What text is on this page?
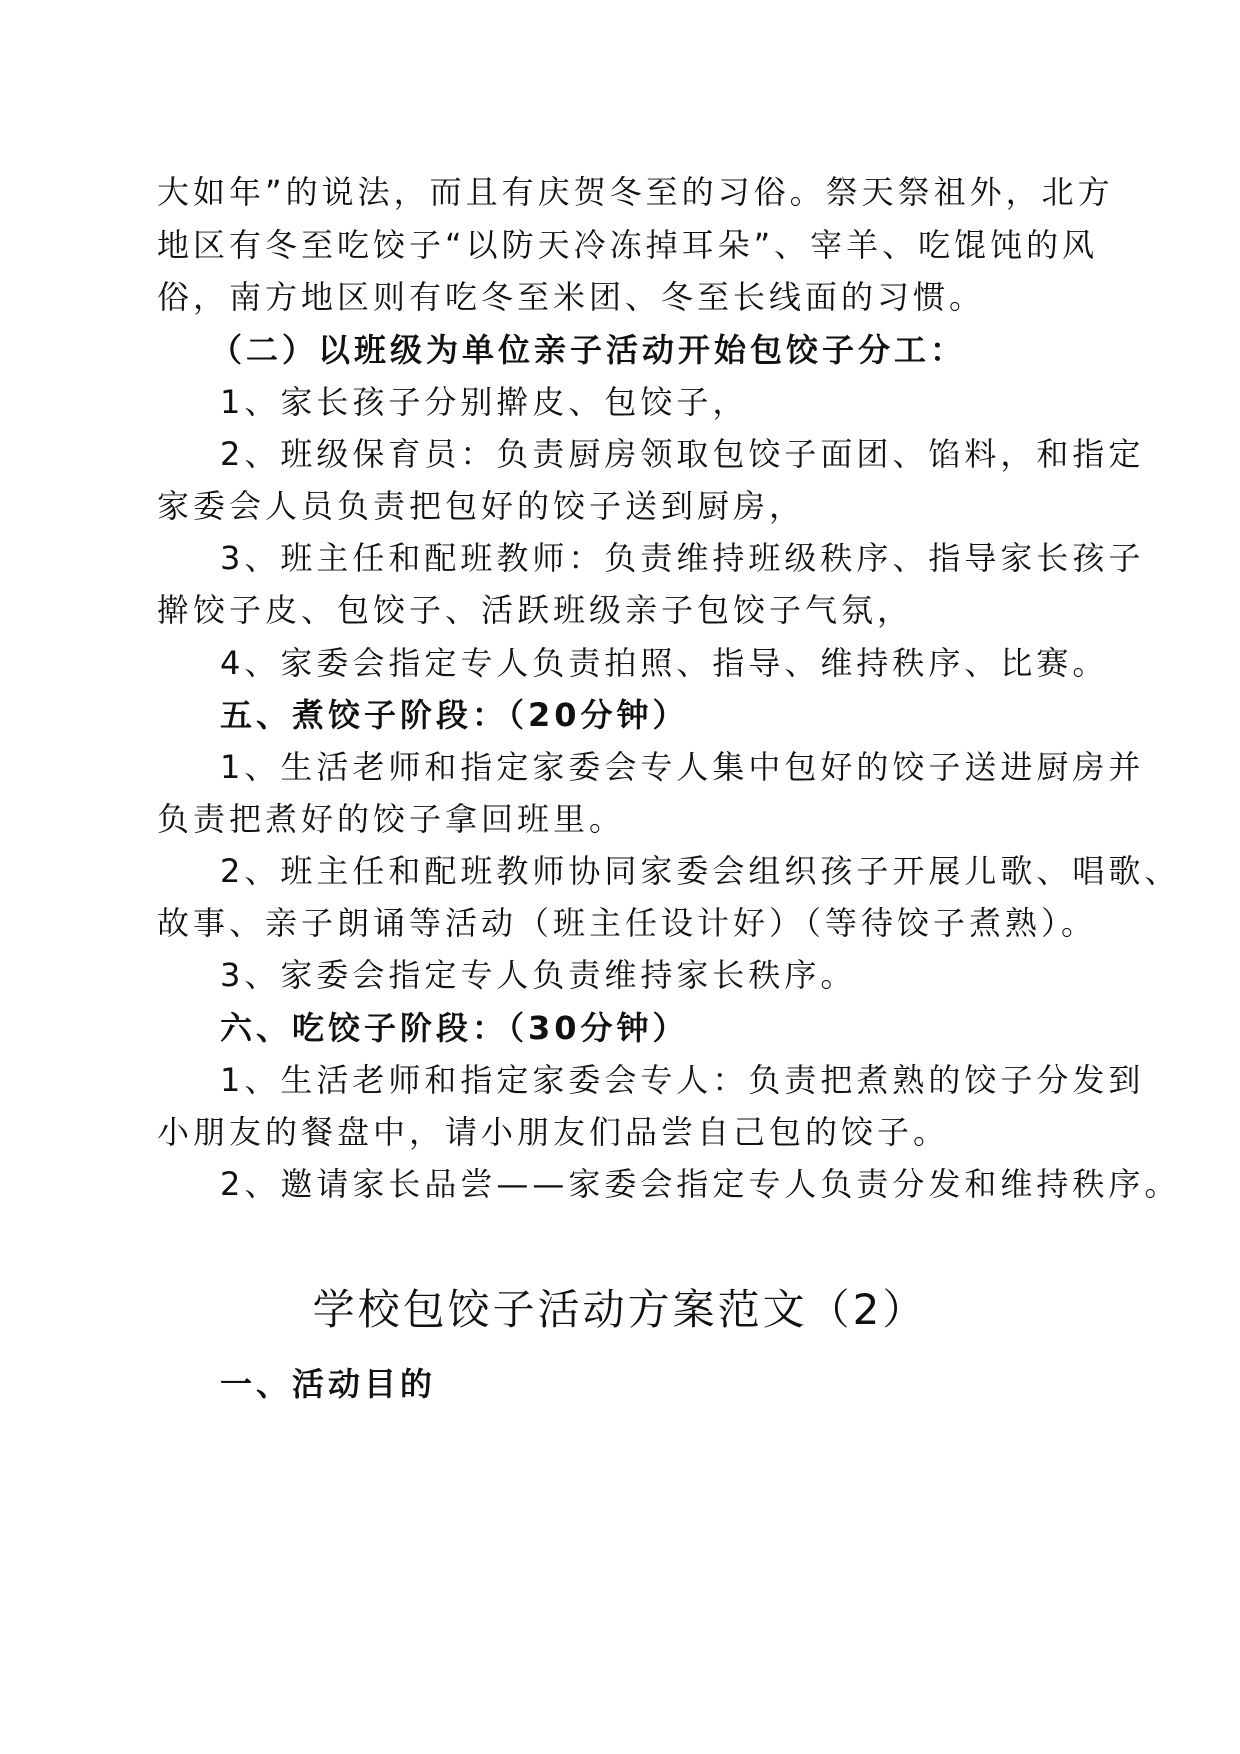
大如年”的说法，而且有庆贺冬至的习俗。祭天祭祖外，北方
地区有冬至吃饺子“以防天冷冻掉耳朵”、宰羊、吃馄饨的风
俗，南方地区则有吃冬至米团、冬至长线面的习惯。
（二）以班级为单位亲子活动开始包饺子分工：
1、家长孩子分别擀皮、包饺子，
2、班级保育员：负责厨房领取包饺子面团、馅料，和指定
家委会人员负责把包好的饺子送到厨房，
3、班主任和配班教师：负责维持班级秩序、指导家长孩子
擀饺子皮、包饺子、活跃班级亲子包饺子气氛，
4、家委会指定专人负责拍照、指导、维持秩序、比赛。
五、煮饺子阶段：（20分钟）
1、生活老师和指定家委会专人集中包好的饺子送进厨房并
负责把煮好的饺子拿回班里。
2、班主任和配班教师协同家委会组织孩子开展儿歌、唱歌、
故事、亲子朗诵等活动（班主任设计好）（等待饺子煮熟）。
3、家委会指定专人负责维持家长秩序。
六、吃饺子阶段：（30分钟）
1、生活老师和指定家委会专人：负责把煮熟的饺子分发到
小朋友的餐盘中，请小朋友们品尝自己包的饺子。
2、邀请家长品尝——家委会指定专人负责分发和维持秩序。
学校包饺子活动方案范文（2）
一、活动目的
